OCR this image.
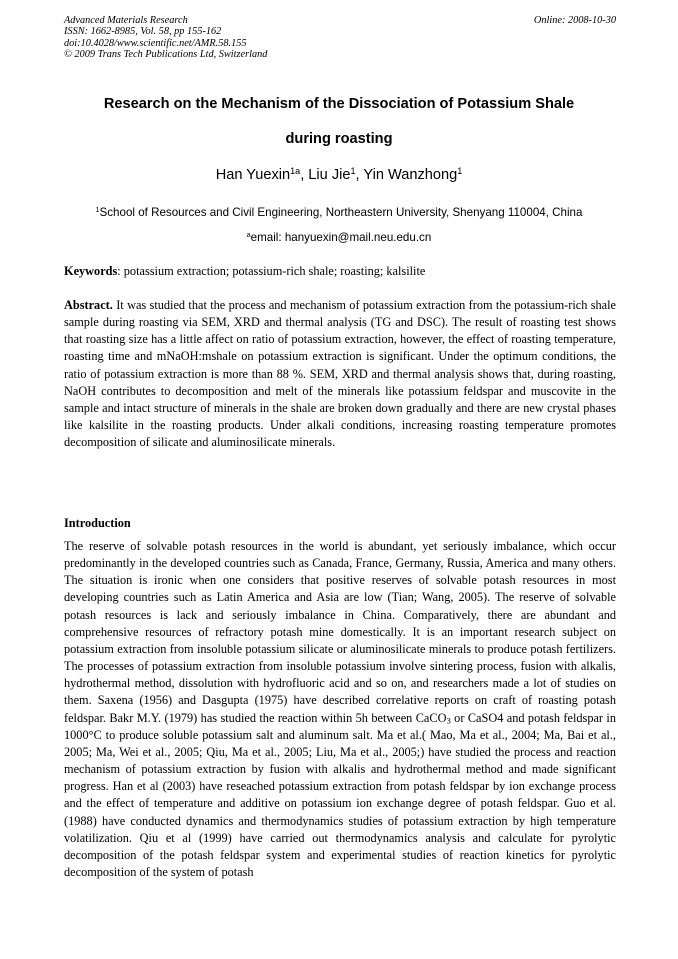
Advanced Materials Research
ISSN: 1662-8985, Vol. 58, pp 155-162
doi:10.4028/www.scientific.net/AMR.58.155
© 2009 Trans Tech Publications Ltd, Switzerland
Online: 2008-10-30
Research on the Mechanism of the Dissociation of Potassium Shale
during roasting
Han Yuexin$^{1a}$, Liu Jie$^1$, Yin Wanzhong$^1$
$^1$School of Resources and Civil Engineering, Northeastern University, Shenyang 110004, China
$^a$email: hanyuexin@mail.neu.edu.cn
Keywords: potassium extraction; potassium-rich shale; roasting; kalsilite
Abstract. It was studied that the process and mechanism of potassium extraction from the potassium-rich shale sample during roasting via SEM, XRD and thermal analysis (TG and DSC). The result of roasting test shows that roasting size has a little affect on ratio of potassium extraction, however, the effect of roasting temperature, roasting time and mNaOH:mshale on potassium extraction is significant. Under the optimum conditions, the ratio of potassium extraction is more than 88 %. SEM, XRD and thermal analysis shows that, during roasting, NaOH contributes to decomposition and melt of the minerals like potassium feldspar and muscovite in the sample and intact structure of minerals in the shale are broken down gradually and there are new crystal phases like kalsilite in the roasting products. Under alkali conditions, increasing roasting temperature promotes decomposition of silicate and aluminosilicate minerals.
Introduction
The reserve of solvable potash resources in the world is abundant, yet seriously imbalance, which occur predominantly in the developed countries such as Canada, France, Germany, Russia, America and many others. The situation is ironic when one considers that positive reserves of solvable potash resources in most developing countries such as Latin America and Asia are low (Tian; Wang, 2005). The reserve of solvable potash resources is lack and seriously imbalance in China. Comparatively, there are abundant and comprehensive resources of refractory potash mine domestically. It is an important research subject on potassium extraction from insoluble potassium silicate or aluminosilicate minerals to produce potash fertilizers. The processes of potassium extraction from insoluble potassium involve sintering process, fusion with alkalis, hydrothermal method, dissolution with hydrofluoric acid and so on, and researchers made a lot of studies on them. Saxena (1956) and Dasgupta (1975) have described correlative reports on craft of roasting potash feldspar. Bakr M.Y. (1979) has studied the reaction within 5h between CaCO$_3$ or CaSO4 and potash feldspar in 1000°C to produce soluble potassium salt and aluminum salt. Ma et al.( Mao, Ma et al., 2004; Ma, Bai et al., 2005; Ma, Wei et al., 2005; Qiu, Ma et al., 2005; Liu, Ma et al., 2005;) have studied the process and reaction mechanism of potassium extraction by fusion with alkalis and hydrothermal method and made significant progress. Han et al (2003) have reseached potassium extraction from potash feldspar by ion exchange process and the effect of temperature and additive on potassium ion exchange degree of potash feldspar. Guo et al. (1988) have conducted dynamics and thermodynamics studies of potassium extraction by high temperature volatilization. Qiu et al (1999) have carried out thermodynamics analysis and calculate for pyrolytic decomposition of the potash feldspar system and experimental studies of reaction kinetics for pyrolytic decomposition of the system of potash
